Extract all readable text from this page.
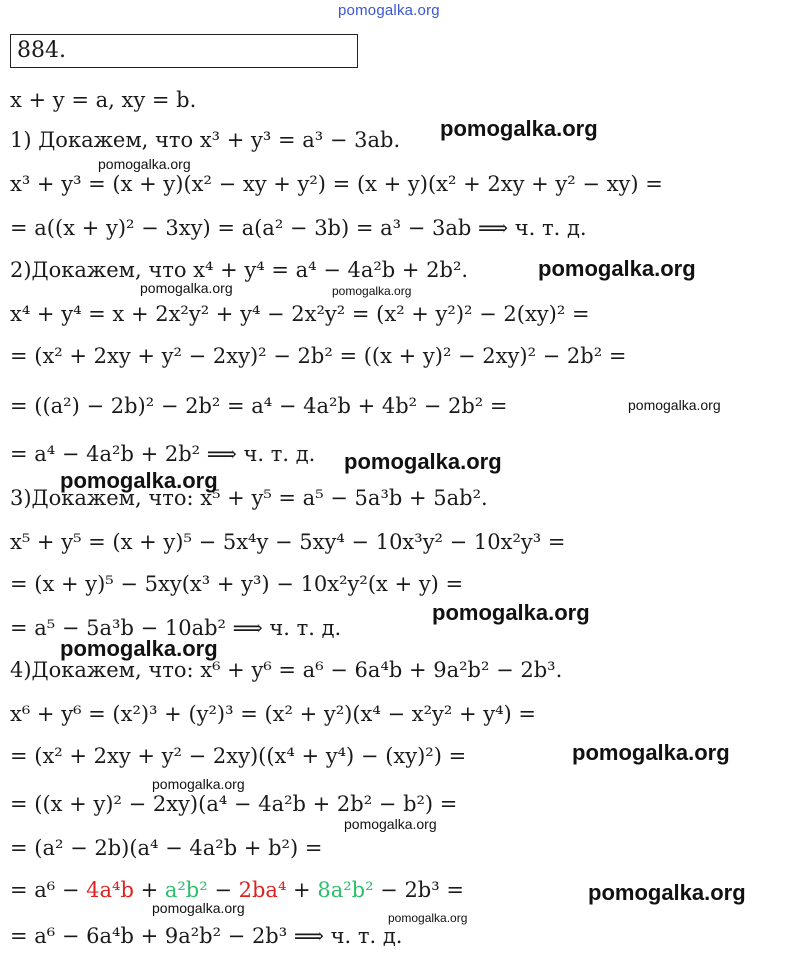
pomogalka.org
884.
x + y = a, xy = b.
1) Докажем, что x³ + y³ = a³ − 3ab.
x³ + y³ = (x + y)(x² − xy + y²) = (x + y)(x² + 2xy + y² − xy) =
= a((x + y)² − 3xy) = a(a² − 3b) = a³ − 3ab ⟹ ч. т. д.
2)Докажем, что x⁴ + y⁴ = a⁴ − 4a²b + 2b².
x⁴ + y⁴ = x + 2x²y² + y⁴ − 2x²y² = (x² + y²)² − 2(xy)² =
= (x² + 2xy + y² − 2xy)² − 2b² = ((x + y)² − 2xy)² − 2b² =
= ((a²) − 2b)² − 2b² = a⁴ − 4a²b + 4b² − 2b² =
= a⁴ − 4a²b + 2b² ⟹ ч. т. д.
3)Докажем, что: x⁵ + y⁵ = a⁵ − 5a³b + 5ab².
x⁵ + y⁵ = (x + y)⁵ − 5x⁴y − 5xy⁴ − 10x³y² − 10x²y³ =
= (x + y)⁵ − 5xy(x³ + y³) − 10x²y²(x + y) =
= a⁵ − 5a³b − 10ab² ⟹ ч. т. д.
4)Докажем, что: x⁶ + y⁶ = a⁶ − 6a⁴b + 9a²b² − 2b³.
x⁶ + y⁶ = (x²)³ + (y²)³ = (x² + y²)(x⁴ − x²y² + y⁴) =
= (x² + 2xy + y² − 2xy)((x⁴ + y⁴) − (xy)²) =
= ((x + y)² − 2xy)(a⁴ − 4a²b + 2b² − b²) =
= (a² − 2b)(a⁴ − 4a²b + b²) =
= a⁶ − 4a⁴b + a²b² − 2ba⁴ + 8a²b² − 2b³ =
= a⁶ − 6a⁴b + 9a²b² − 2b³ ⟹ ч. т. д.
pomogalka.org
pomogalka.org
pomogalka.org
pomogalka.org	pomogalka.org
pomogalka.org
pomogalka.org
pomogalka.org
pomogalka.org
pomogalka.org
pomogalka.org
pomogalka.org
pomogalka.org
pomogalka.org
pomogalka.org
pomogalka.org
